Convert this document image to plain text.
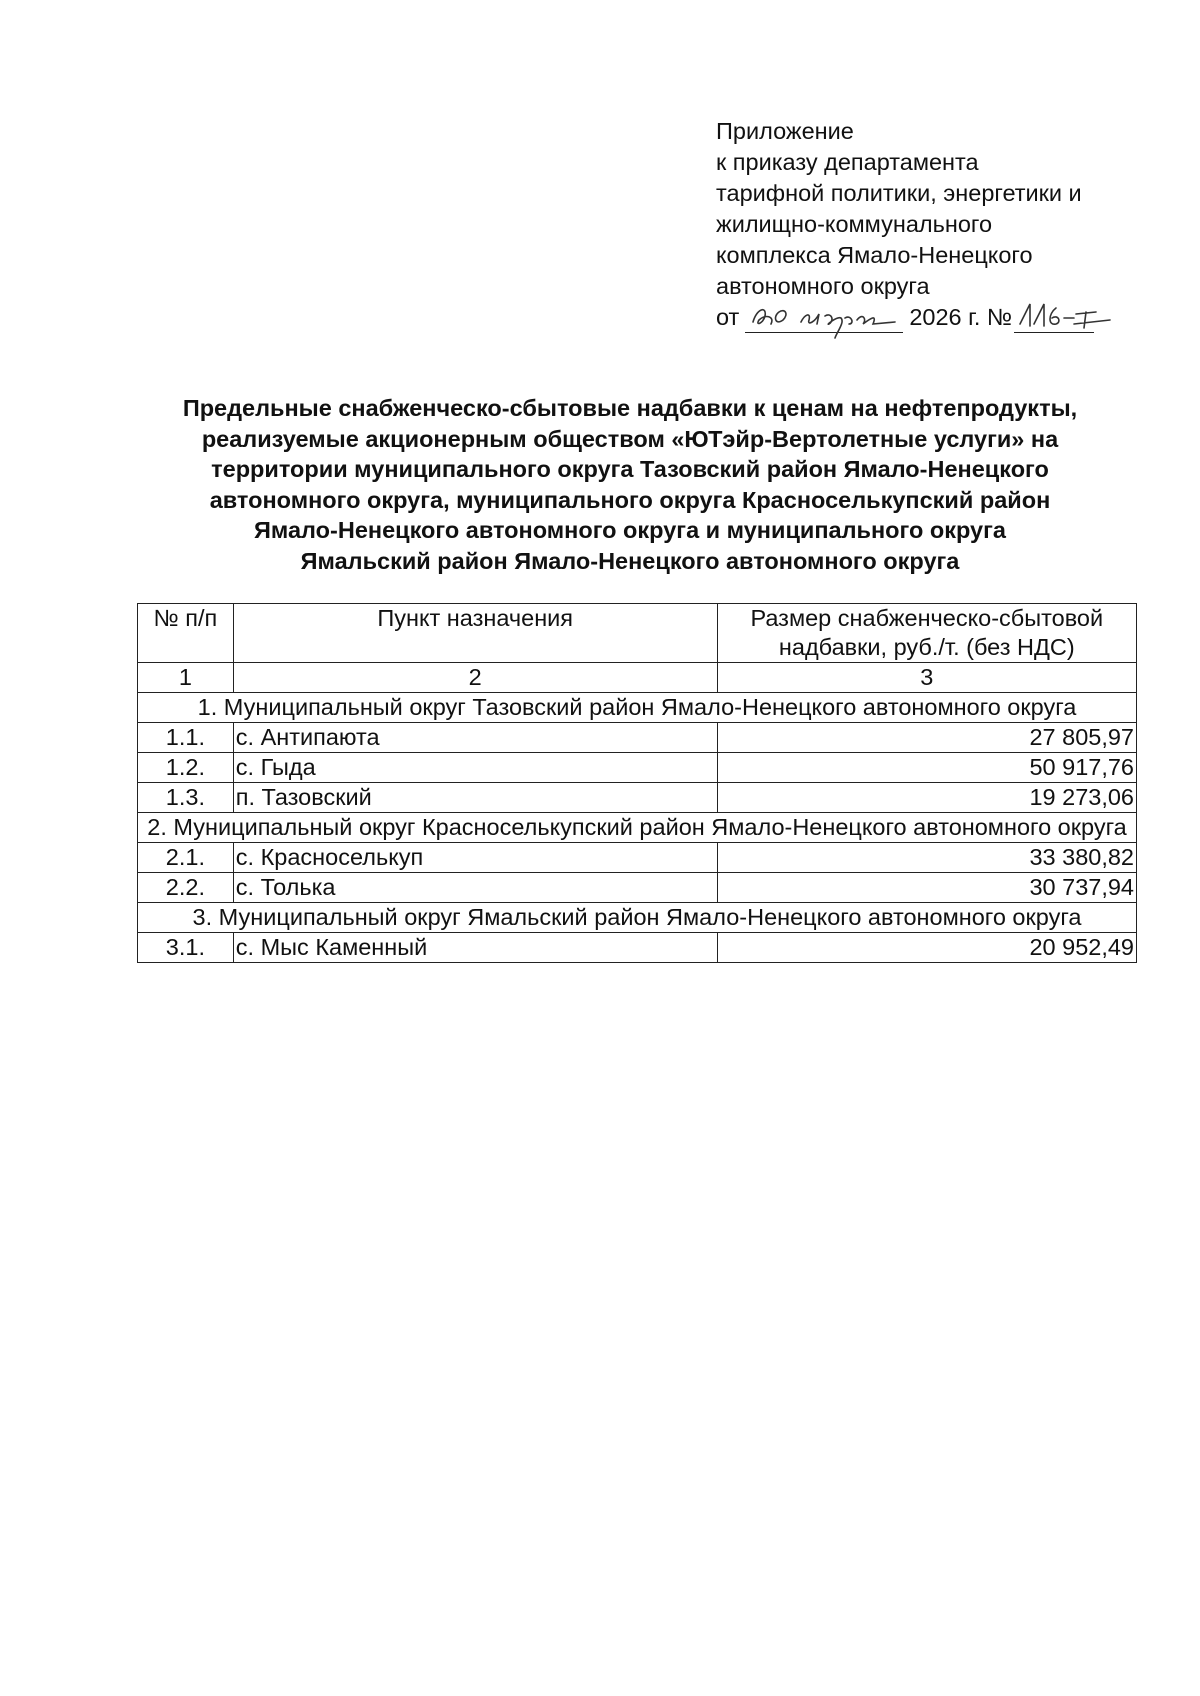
Приложение
к приказу департамента
тарифной политики, энергетики и
жилищно-коммунального
комплекса Ямало-Ненецкого
автономного округа
от	2026 г. №
Предельные снабженческо-сбытовые надбавки к ценам на нефтепродукты,
реализуемые акционерным обществом «ЮТэйр-Вертолетные услуги» на
территории муниципального округа Тазовский район Ямало-Ненецкого
автономного округа, муниципального округа Красноселькупский район
Ямало-Ненецкого автономного округа и муниципального округа
Ямальский район Ямало-Ненецкого автономного округа
№ п/п	Пункт назначения	Размер снабженческо-сбытовой надбавки, руб./т. (без НДС)
1	2	3
1. Муниципальный округ Тазовский район Ямало-Ненецкого автономного округа		
1.1.	с. Антипаюта	27 805,97
1.2.	с. Гыда	50 917,76
1.3.	п. Тазовский	19 273,06
2. Муниципальный округ Красноселькупский район Ямало-Ненецкого автономного округа		
2.1.	с. Красноселькуп	33 380,82
2.2.	с. Толька	30 737,94
3. Муниципальный округ Ямальский район Ямало-Ненецкого автономного округа		
3.1.	с. Мыс Каменный	20 952,49
